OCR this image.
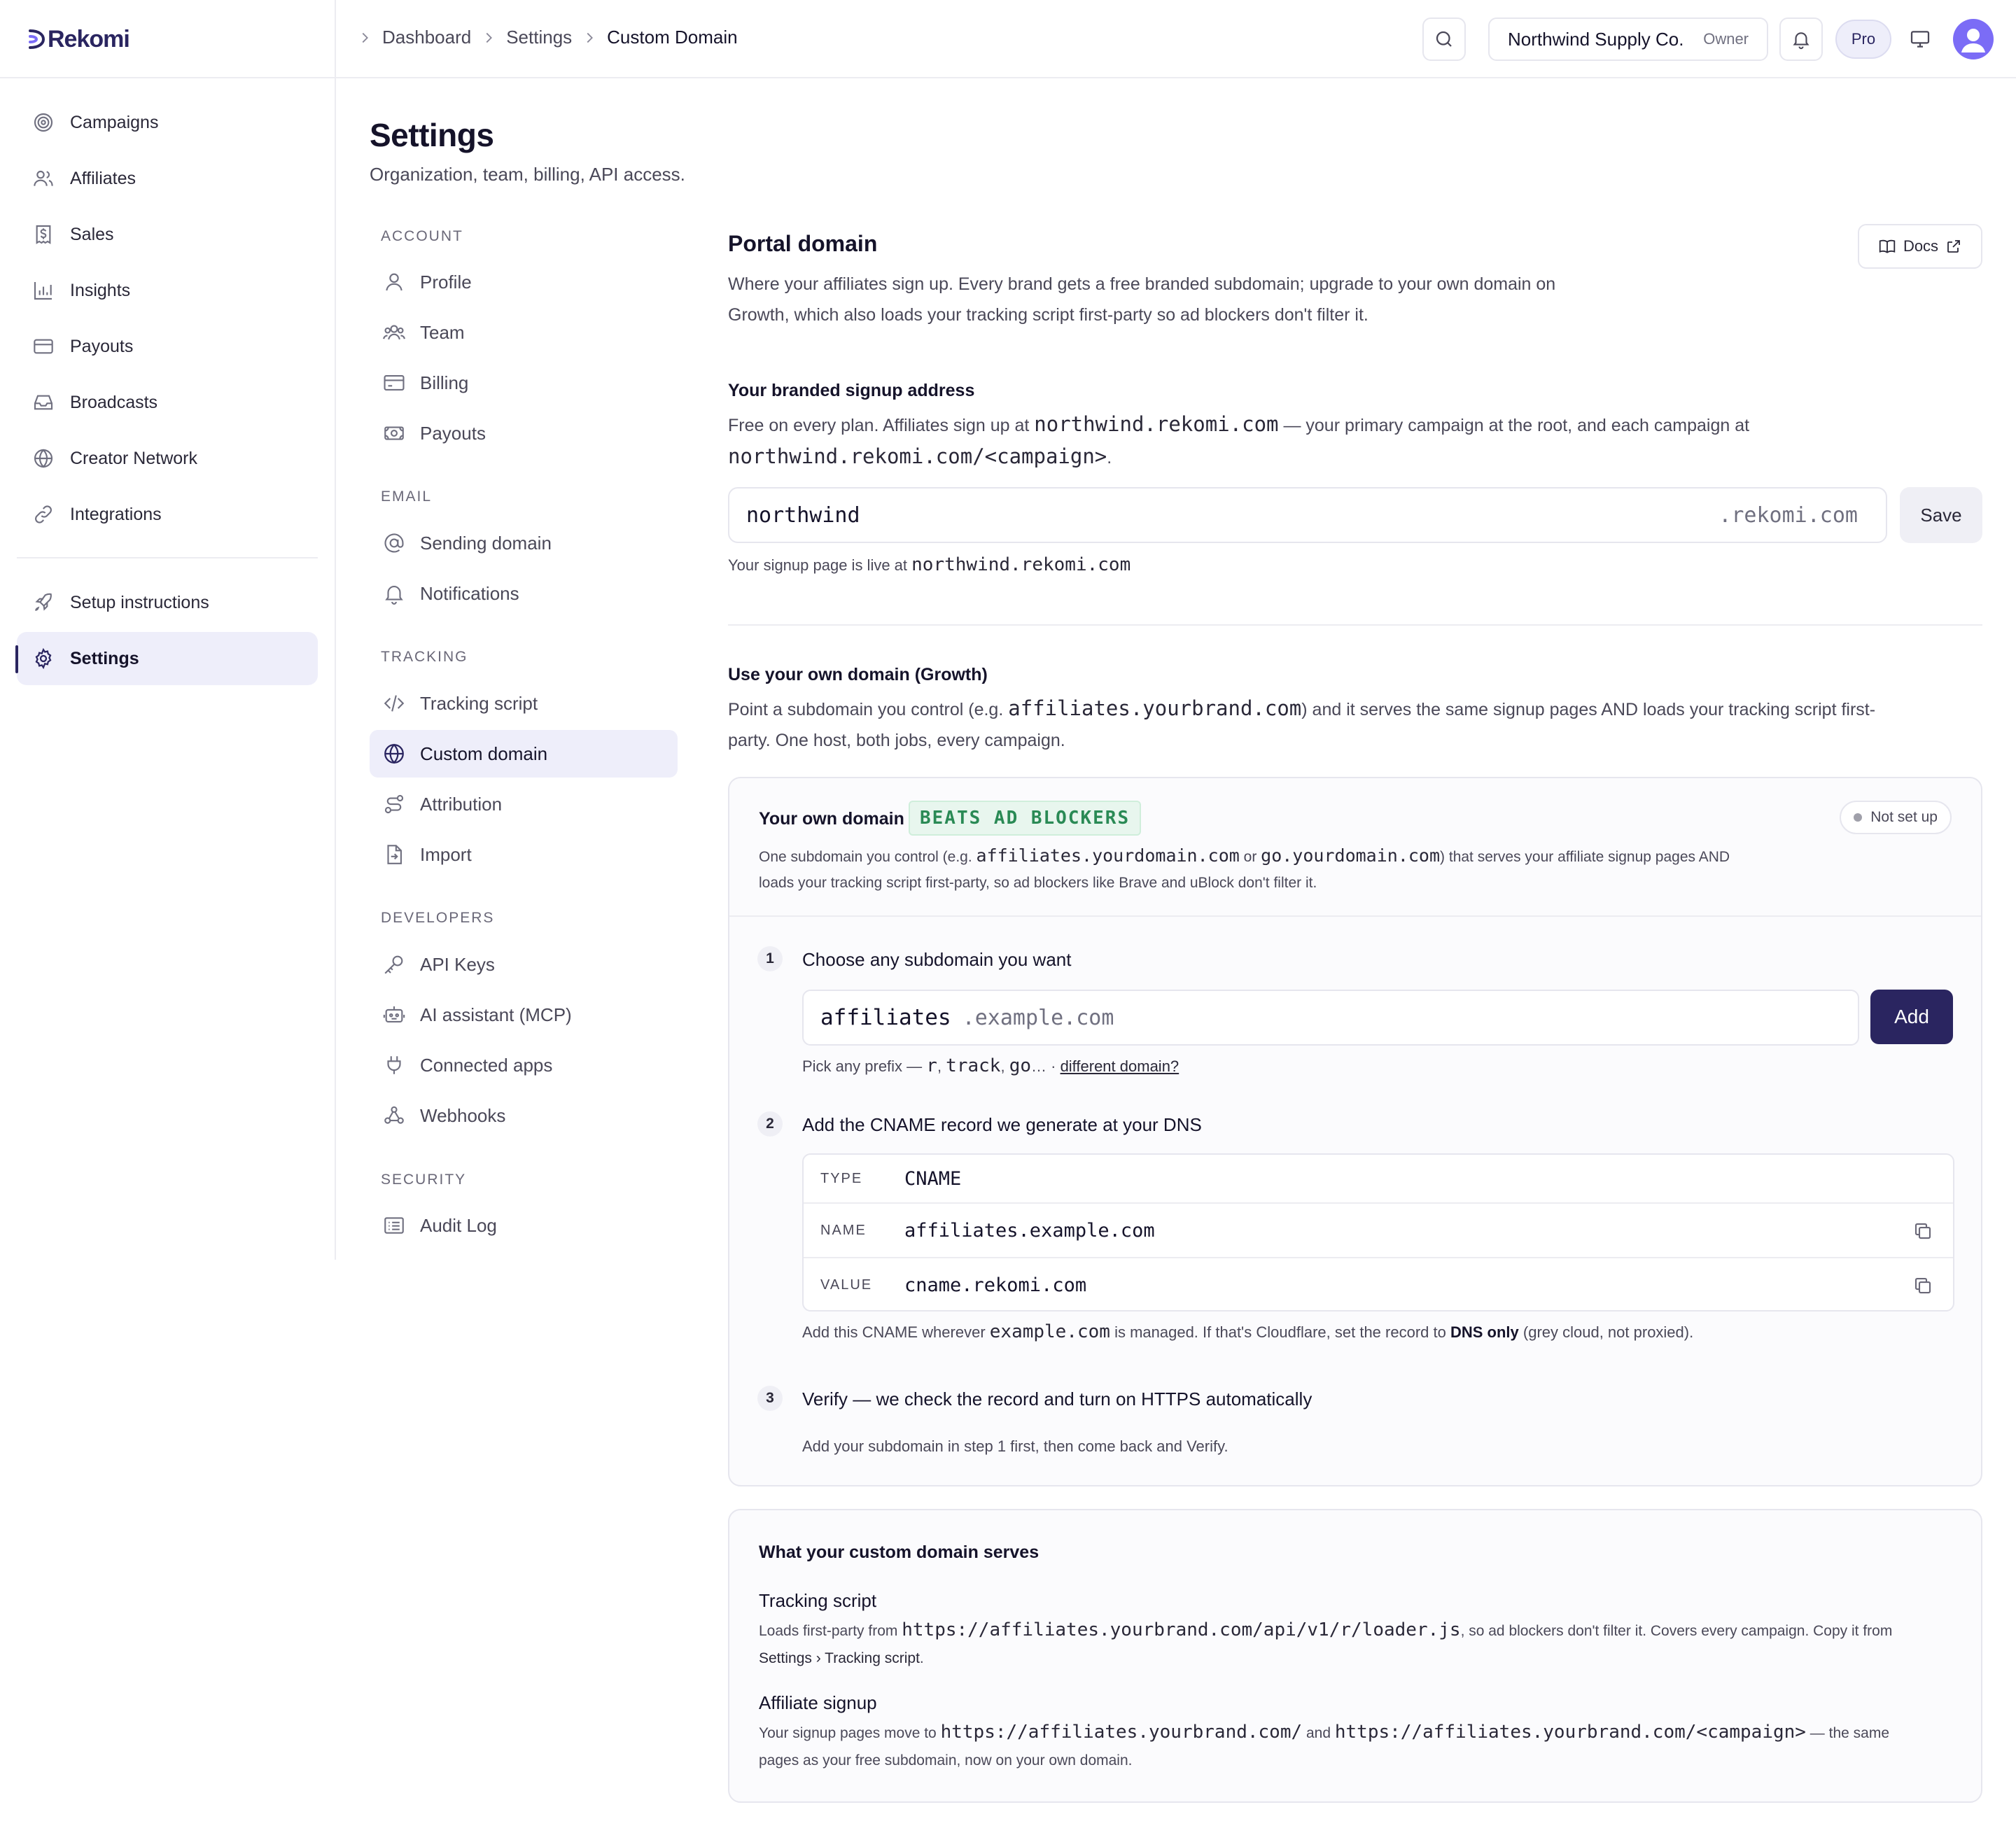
Rekomi
Campaigns
Affiliates
Sales
Insights
Payouts
Broadcasts
Creator Network
Integrations
Setup instructions
Settings
Dashboard Settings Custom Domain	Northwind Supply Co. Owner	Pro
Settings

Organization, team, billing, API access.

ACCOUNT
Profile
Team
Billing
Payouts
EMAIL
Sending domain
Notifications
TRACKING
Tracking script
Custom domain
Attribution
Import
DEVELOPERS
API Keys
AI assistant (MCP)
Connected apps
Webhooks
SECURITY
Audit Log
Portal domain	Docs

Where your affiliates sign up. Every brand gets a free branded subdomain; upgrade to your own domain on

Growth, which also loads your tracking script first-party so ad blockers don't filter it.

Your branded signup address

Free on every plan. Affiliates sign up at northwind.rekomi.com — your primary campaign at the root, and each campaign at
northwind.rekomi.com/<campaign>.

northwind	.rekomi.com	Save

Your signup page is live at northwind.rekomi.com

Use your own domain (Growth)

Point a subdomain you control (e.g. affiliates.yourbrand.com) and it serves the same signup pages AND loads your tracking script first-
party. One host, both jobs, every campaign.

Your own domain BEATS AD BLOCKERS	Not set up

One subdomain you control (e.g. affiliates.yourdomain.com or go.yourdomain.com) that serves your affiliate signup pages AND
loads your tracking script first-party, so ad blockers like Brave and uBlock don't filter it.

1	Choose any subdomain you want
affiliates .example.com	Add

Pick any prefix — r, track, go… · different domain?

2	Add the CNAME record we generate at your DNS
TYPE	CNAME
NAME	affiliates.example.com
VALUE	cname.rekomi.com

Add this CNAME wherever example.com is managed. If that's Cloudflare, set the record to DNS only (grey cloud, not proxied).

3	Verify — we check the record and turn on HTTPS automatically

Add your subdomain in step 1 first, then come back and Verify.

What your custom domain serves
Tracking script

Loads first-party from https://affiliates.yourbrand.com/api/v1/r/loader.js, so ad blockers don't filter it. Covers every campaign. Copy it from
Settings › Tracking script.

Affiliate signup

Your signup pages move to https://affiliates.yourbrand.com/ and https://affiliates.yourbrand.com/<campaign> — the same
pages as your free subdomain, now on your own domain.
